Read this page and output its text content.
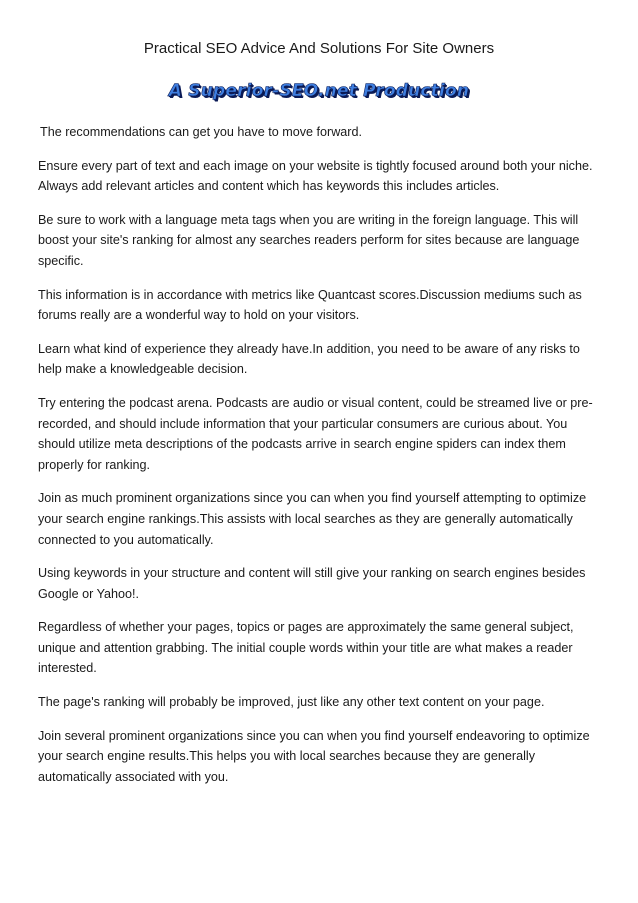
Practical SEO Advice And Solutions For Site Owners
A Superior-SEO.net Production

The recommendations can get you have to move forward.

Ensure every part of text and each image on your website is tightly focused around both your niche. Always add relevant articles and content which has keywords this includes articles.

Be sure to work with a language meta tags when you are writing in the foreign language. This will boost your site's ranking for almost any searches readers perform for sites because are language specific.

This information is in accordance with metrics like Quantcast scores.Discussion mediums such as forums really are a wonderful way to hold on your visitors.

Learn what kind of experience they already have.In addition, you need to be aware of any risks to help make a knowledgeable decision.

Try entering the podcast arena. Podcasts are audio or visual content, could be streamed live or pre-recorded, and should include information that your particular consumers are curious about. You should utilize meta descriptions of the podcasts arrive in search engine spiders can index them properly for ranking.

Join as much prominent organizations since you can when you find yourself attempting to optimize your search engine rankings.This assists with local searches as they are generally automatically connected to you automatically.

Using keywords in your structure and content will still give your ranking on search engines besides Google or Yahoo!.

Regardless of whether your pages, topics or pages are approximately the same general subject, unique and attention grabbing. The initial couple words within your title are what makes a reader interested.

The page's ranking will probably be improved, just like any other text content on your page.

Join several prominent organizations since you can when you find yourself endeavoring to optimize your search engine results.This helps you with local searches because they are generally automatically associated with you.
